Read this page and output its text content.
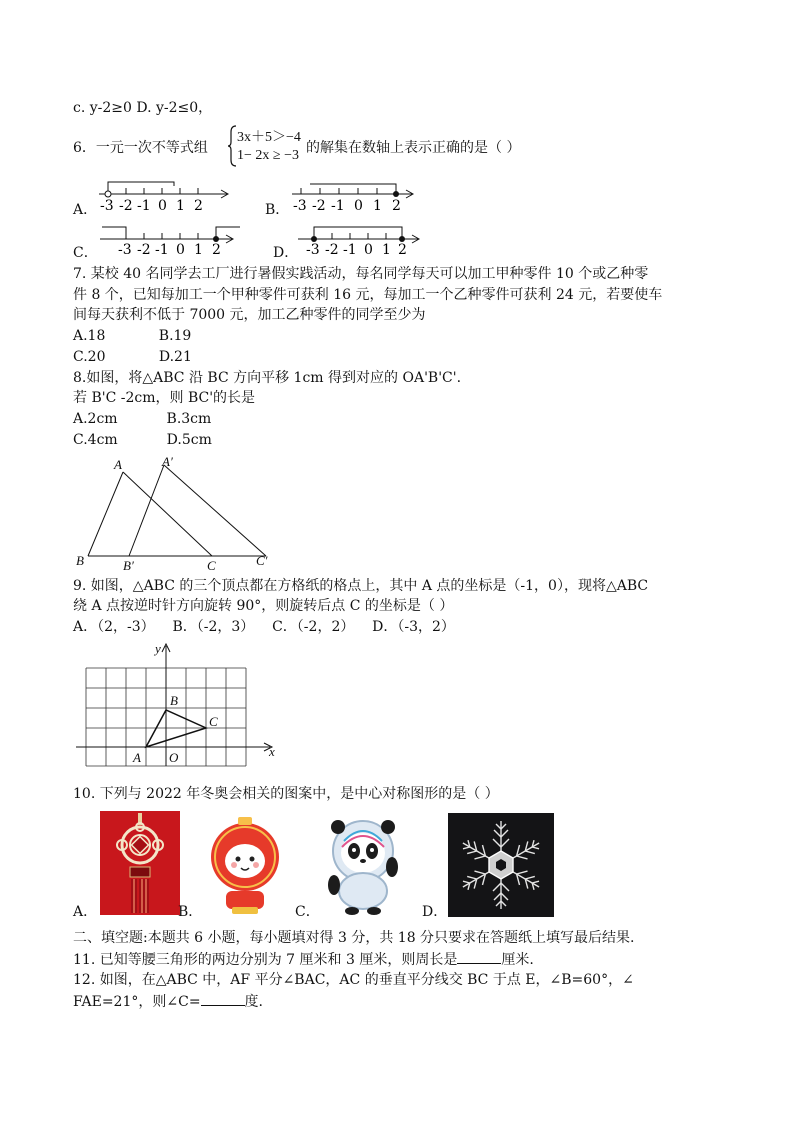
c. y-2≥0 D. y-2≤0，
6．一元一次不等式组
3x＋5＞−4
1− 2x ≥ −3 的解集在数轴上表示正确的是（ ）
A．	B．
C．	D．
-3 -2 -1 0 1 2	-3 -2 -1 0 1 2
-3 -2 -1 0 1 2	-3 -2 -1 0 1 2
7. 某校 40 名同学去工厂进行暑假实践活动，每名同学每天可以加工甲种零件 10 个或乙种零
件 8 个，已知每加工一个甲种零件可获利 16 元，每加工一个乙种零件可获利 24 元，若要使车
间每天获利不低于 7000 元，加工乙种零件的同学至少为
A.18            B.19
C.20            D.21
8.如图，将△ABC 沿 BC 方向平移 1cm 得到对应的 OA'B'C'.
若 B'C -2cm，则 BC'的长是
A.2cm           B.3cm
C.4cm           D.5cm
A	A′
B	B′	C	C′
9. 如图，△ABC 的三个顶点都在方格纸的格点上，其中 A 点的坐标是（-1，0），现将△ABC
绕 A 点按逆时针方向旋转 90°，则旋转后点 C 的坐标是（ ）
A．（2，-3）    B．（-2，3）    C．（-2，2）    D．（-3，2）
y
x
B
C
A O
10. 下列与 2022 年冬奥会相关的图案中，是中心对称图形的是（ ）
A．	B．	C．	D．
二、填空题:本题共 6 小题，每小题填对得 3 分，共 18 分只要求在答题纸上填写最后结果.
11. 已知等腰三角形的两边分别为 7 厘米和 3 厘米，则周长是	厘米.
12. 如图，在△ABC 中，AF 平分∠BAC，AC 的垂直平分线交 BC 于点 E，∠B=60°，∠
FAE=21°，则∠C=	度.
